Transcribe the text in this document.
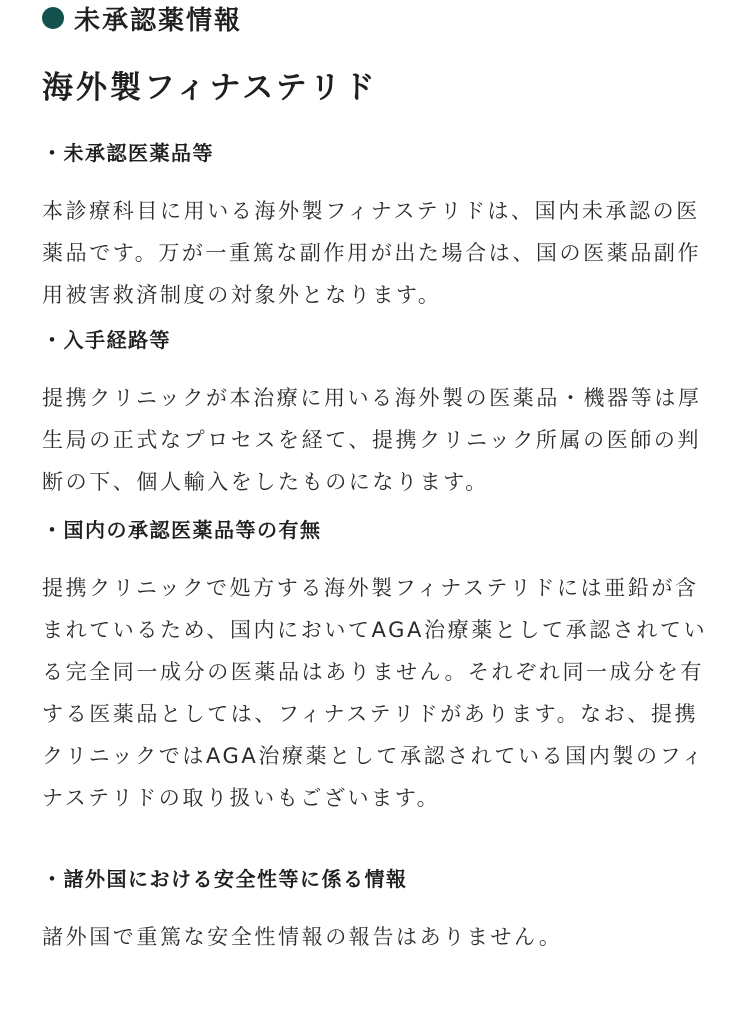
未承認薬情報
海外製フィナステリド
・未承認医薬品等
本診療科目に用いる海外製フィナステリドは、国内未承認の医薬品です。万が一重篤な副作用が出た場合は、国の医薬品副作用被害救済制度の対象外となります。
・入手経路等
提携クリニックが本治療に用いる海外製の医薬品・機器等は厚生局の正式なプロセスを経て、提携クリニック所属の医師の判断の下、個人輸入をしたものになります。
・国内の承認医薬品等の有無
提携クリニックで処方する海外製フィナステリドには亜鉛が含まれているため、国内においてAGA治療薬として承認されている完全同一成分の医薬品はありません。それぞれ同一成分を有する医薬品としては、フィナステリドがあります。なお、提携クリニックではAGA治療薬として承認されている国内製のフィナステリドの取り扱いもございます。
・諸外国における安全性等に係る情報
諸外国で重篤な安全性情報の報告はありません。
